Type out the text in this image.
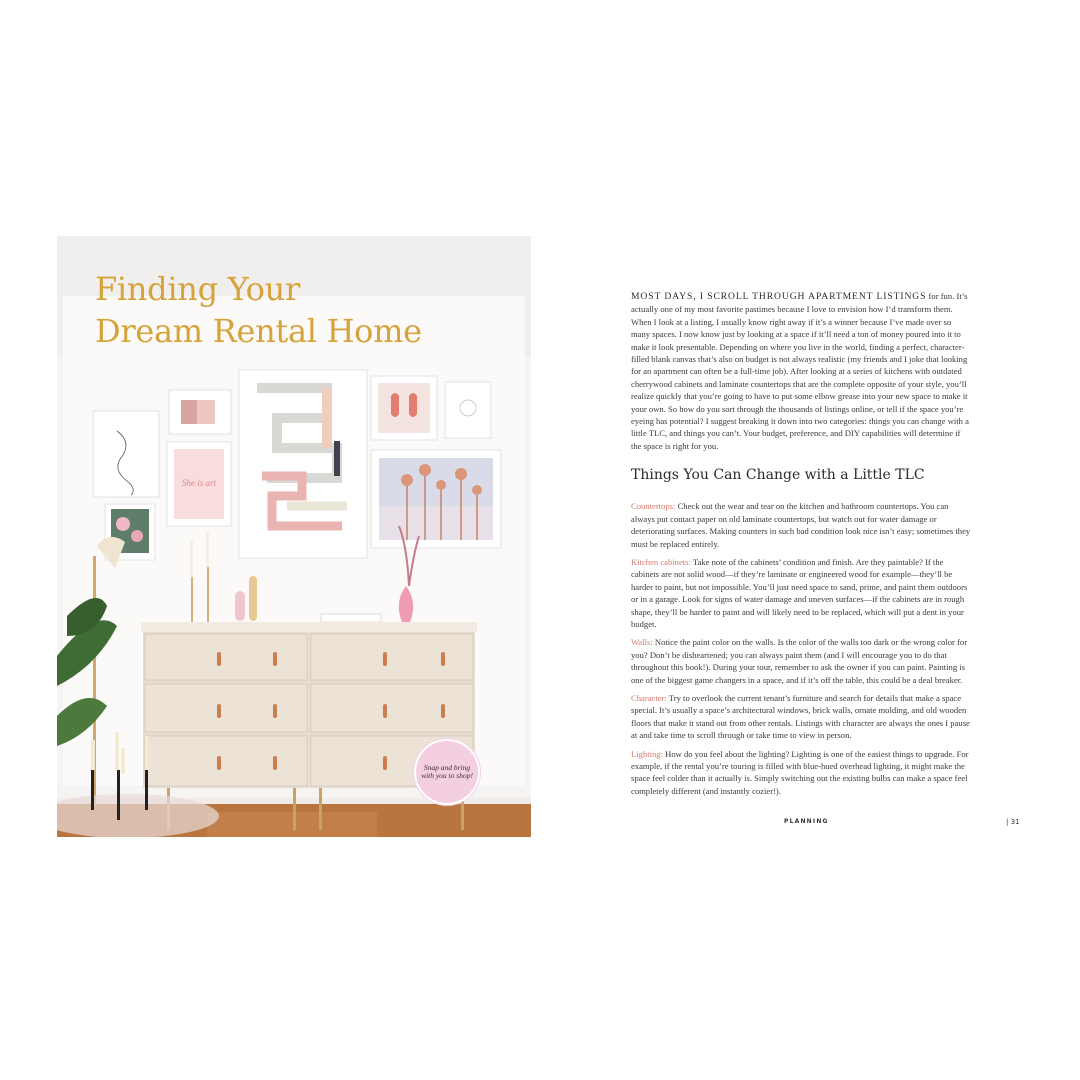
She is art
Finding Your
Dream Rental Home
Snap and bring with you to shop!

MOST DAYS, I SCROLL THROUGH APARTMENT LISTINGS for fun. It’s actually one of my most favorite pastimes because I love to envision how I’d transform them. When I look at a listing, I usually know right away if it’s a winner because I’ve made over so many spaces. I now know just by looking at a space if it’ll need a ton of money poured into it to make it look presentable. Depending on where you live in the world, finding a perfect, character-filled blank canvas that’s also on budget is not always realistic (my friends and I joke that looking for an apartment can often be a full-time job). After looking at a series of kitchens with outdated cherrywood cabinets and laminate countertops that are the complete opposite of your style, you’ll realize quickly that you’re going to have to put some elbow grease into your new space to make it your own. So how do you sort through the thousands of listings online, or tell if the space you’re eyeing has potential? I suggest breaking it down into two categories: things you can change with a little TLC, and things you can’t. Your budget, preference, and DIY capabilities will determine if the space is right for you.

Things You Can Change with a Little TLC

Countertops: Check out the wear and tear on the kitchen and bathroom countertops. You can always put contact paper on old laminate countertops, but watch out for water damage or deteriorating surfaces. Making counters in such bad condition look nice isn’t easy; sometimes they must be replaced entirely.

Kitchen cabinets: Take note of the cabinets’ condition and finish. Are they paintable? If the cabinets are not solid wood—if they’re laminate or engineered wood for example—they’ll be harder to paint, but not impossible. You’ll just need space to sand, prime, and paint them outdoors or in a garage. Look for signs of water damage and uneven surfaces—if the cabinets are in rough shape, they’ll be harder to paint and will likely need to be replaced, which will put a dent in your budget.

Walls: Notice the paint color on the walls. Is the color of the walls too dark or the wrong color for you? Don’t be disheartened; you can always paint them (and I will encourage you to do that throughout this book!). During your tour, remember to ask the owner if you can paint. Painting is one of the biggest game changers in a space, and if it’s off the table, this could be a deal breaker.

Character: Try to overlook the current tenant’s furniture and search for details that make a space special. It’s usually a space’s architectural windows, brick walls, ornate molding, and old wooden floors that make it stand out from other rentals. Listings with character are always the ones I pause at and take time to scroll through or take time to view in person.

Lighting: How do you feel about the lighting? Lighting is one of the easiest things to upgrade. For example, if the rental you’re touring is filled with blue-hued overhead lighting, it might make the space feel colder than it actually is. Simply switching out the existing bulbs can make a space feel completely different (and instantly cozier!).

PLANNING	| 31
